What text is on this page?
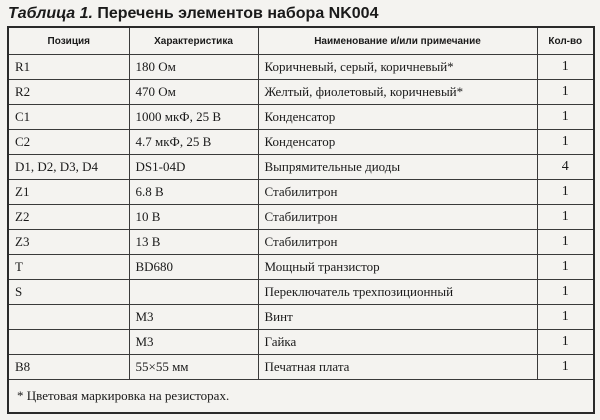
Таблица 1. Перечень элементов набора NK004
Позиция	Характеристика	Наименование и/или примечание	Кол-во
R1	180 Ом	Коричневый, серый, коричневый*	1
R2	470 Ом	Желтый, фиолетовый, коричневый*	1
C1	1000 мкФ, 25 В	Конденсатор	1
C2	4.7 мкФ, 25 В	Конденсатор	1
D1, D2, D3, D4	DS1-04D	Выпрямительные диоды	4
Z1	6.8 В	Стабилитрон	1
Z2	10 В	Стабилитрон	1
Z3	13 В	Стабилитрон	1
T	BD680	Мощный транзистор	1
S		Переключатель трехпозиционный	1
	М3	Винт	1
	М3	Гайка	1
B8	55×55 мм	Печатная плата	1
* Цветовая маркировка на резисторах.			
